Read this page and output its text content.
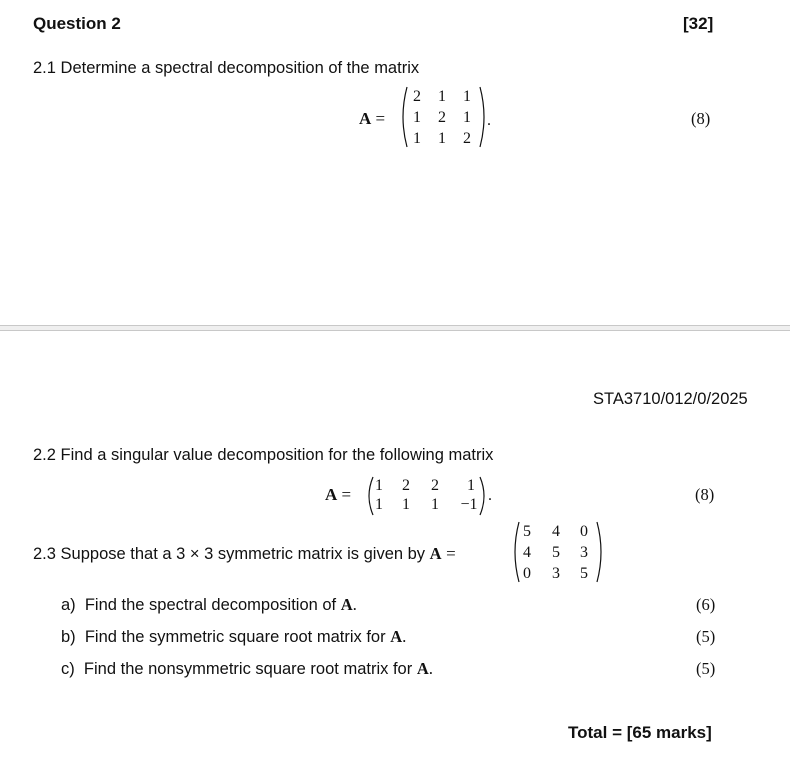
Question 2	[32]
2.1 Determine a spectral decomposition of the matrix
A =
2	1	1
1	2	1
1	1	2
.	(8)
STA3710/012/0/2025
2.2 Find a singular value decomposition for the following matrix
A =	1	2	2	1
1	1	1	−1
.	(8)
2.3 Suppose that a 3 × 3 symmetric matrix is given by A =
5	4	0
4	5	3
0	3	5
a) Find the spectral decomposition of A.	(6)
b) Find the symmetric square root matrix for A.	(5)
c) Find the nonsymmetric square root matrix for A.	(5)
Total = [65 marks]
